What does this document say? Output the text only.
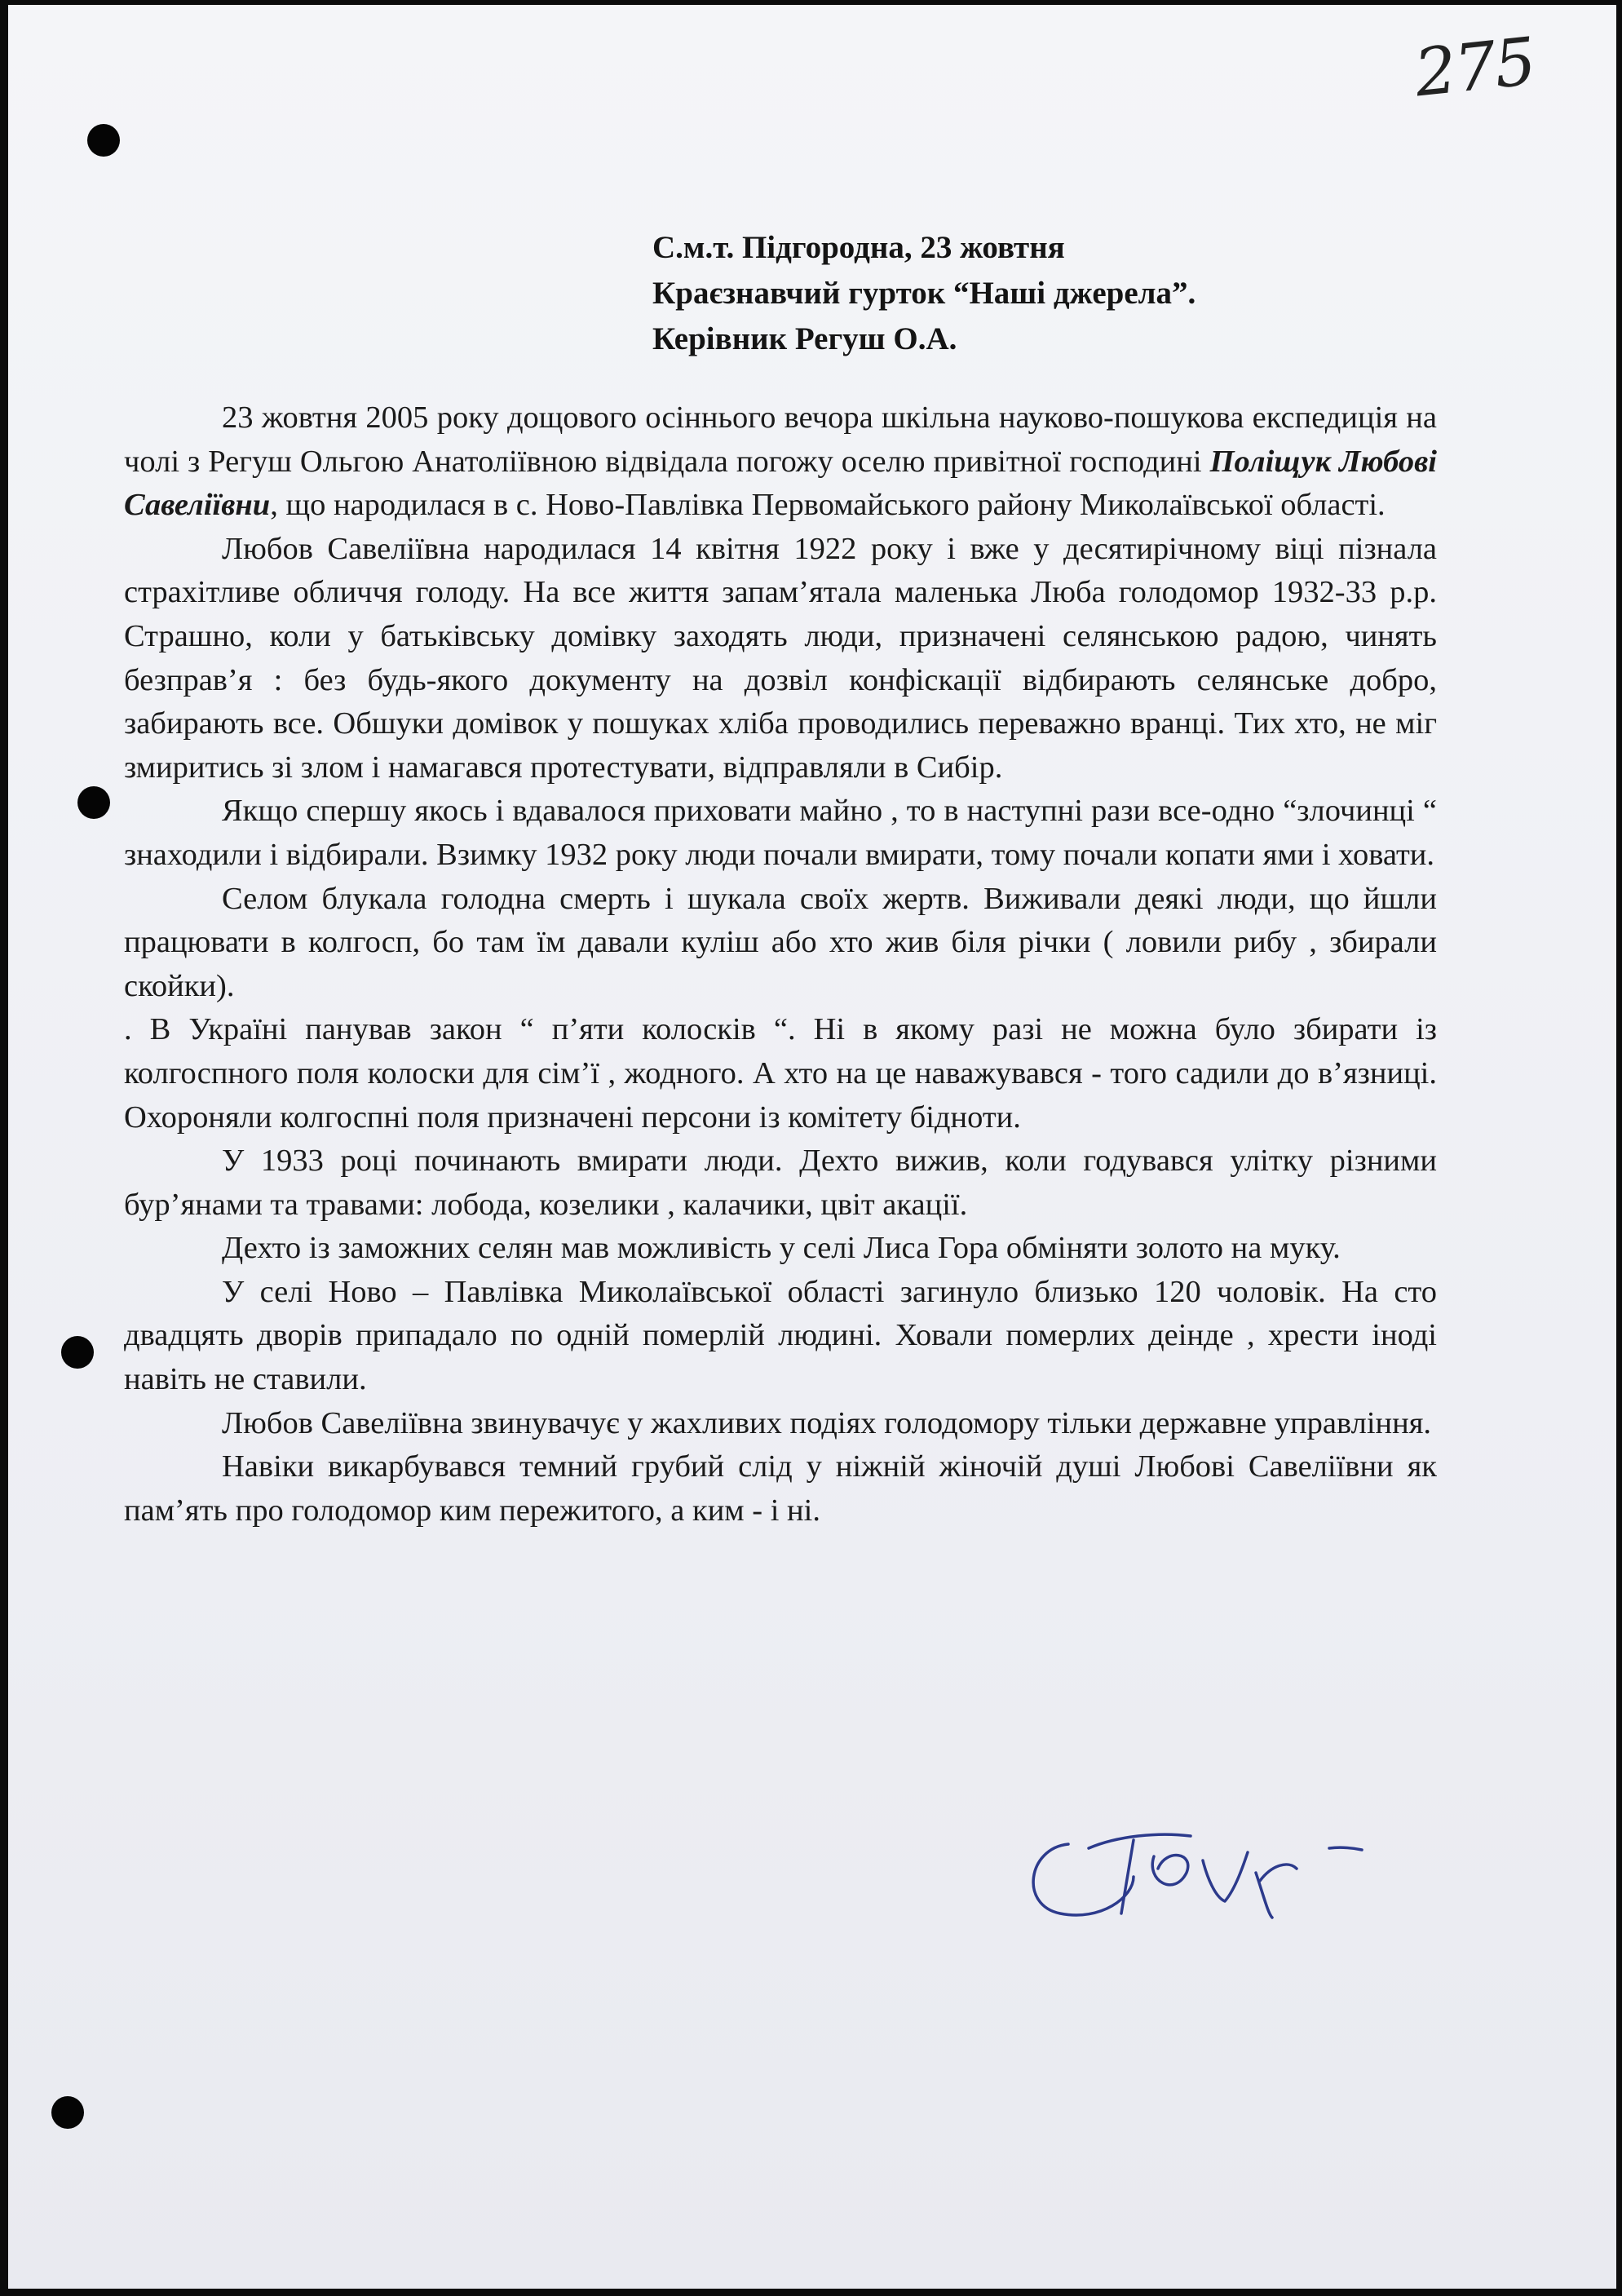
275
С.м.т. Підгородна, 23 жовтня
Краєзнавчий гурток “Наші джерела”.
Керівник Регуш О.А.

23 жовтня 2005 року дощового осіннього вечора шкільна науково-пошукова експедиція на чолі з Регуш Ольгою Анатоліївною відвідала погожу оселю привітної господині Поліщук Любові Савеліївни, що народилася в с. Ново-Павлівка Первомайського району Миколаївської області.

Любов Савеліївна народилася 14 квітня 1922 року і вже у десятирічному віці пізнала страхітливе обличчя голоду. На все життя запам’ятала маленька Люба голодомор 1932-33 р.р. Страшно, коли у батьківську домівку заходять люди, призначені селянською радою, чинять безправ’я : без будь-якого документу на дозвіл конфіскації відбирають селянське добро, забирають все. Обшуки домівок у пошуках хліба проводились переважно вранці. Тих хто, не міг змиритись зі злом і намагався протестувати, відправляли в Сибір.

Якщо спершу якось і вдавалося приховати майно , то в наступні рази все-одно “злочинці “ знаходили і відбирали. Взимку 1932 року люди почали вмирати, тому почали копати ями і ховати.

Селом блукала голодна смерть і шукала своїх жертв. Виживали деякі люди, що йшли працювати в колгосп, бо там їм давали куліш або хто жив біля річки ( ловили рибу , збирали скойки).

. В Україні панував закон “ п’яти колосків “. Ні в якому разі не можна було збирати із колгоспного поля колоски для сім’ї , жодного. А хто на це наважувався - того садили до в’язниці. Охороняли колгоспні поля призначені персони із комітету бідноти.

У 1933 році починають вмирати люди. Дехто вижив, коли годувався улітку різними бур’янами та травами: лобода, козелики , калачики, цвіт акації.

Дехто із заможних селян мав можливість у селі Лиса Гора обміняти золото на муку.

У селі Ново – Павлівка Миколаївської області загинуло близько 120 чоловік. На сто двадцять дворів припадало по одній померлій людині. Ховали померлих деінде , хрести іноді навіть не ставили.

Любов Савеліївна звинувачує у жахливих подіях голодомору тільки державне управління.

Навіки викарбувався темний грубий слід у ніжній жіночій душі Любові Савеліївни як пам’ять про голодомор ким пережитого, а ким - і ні.
